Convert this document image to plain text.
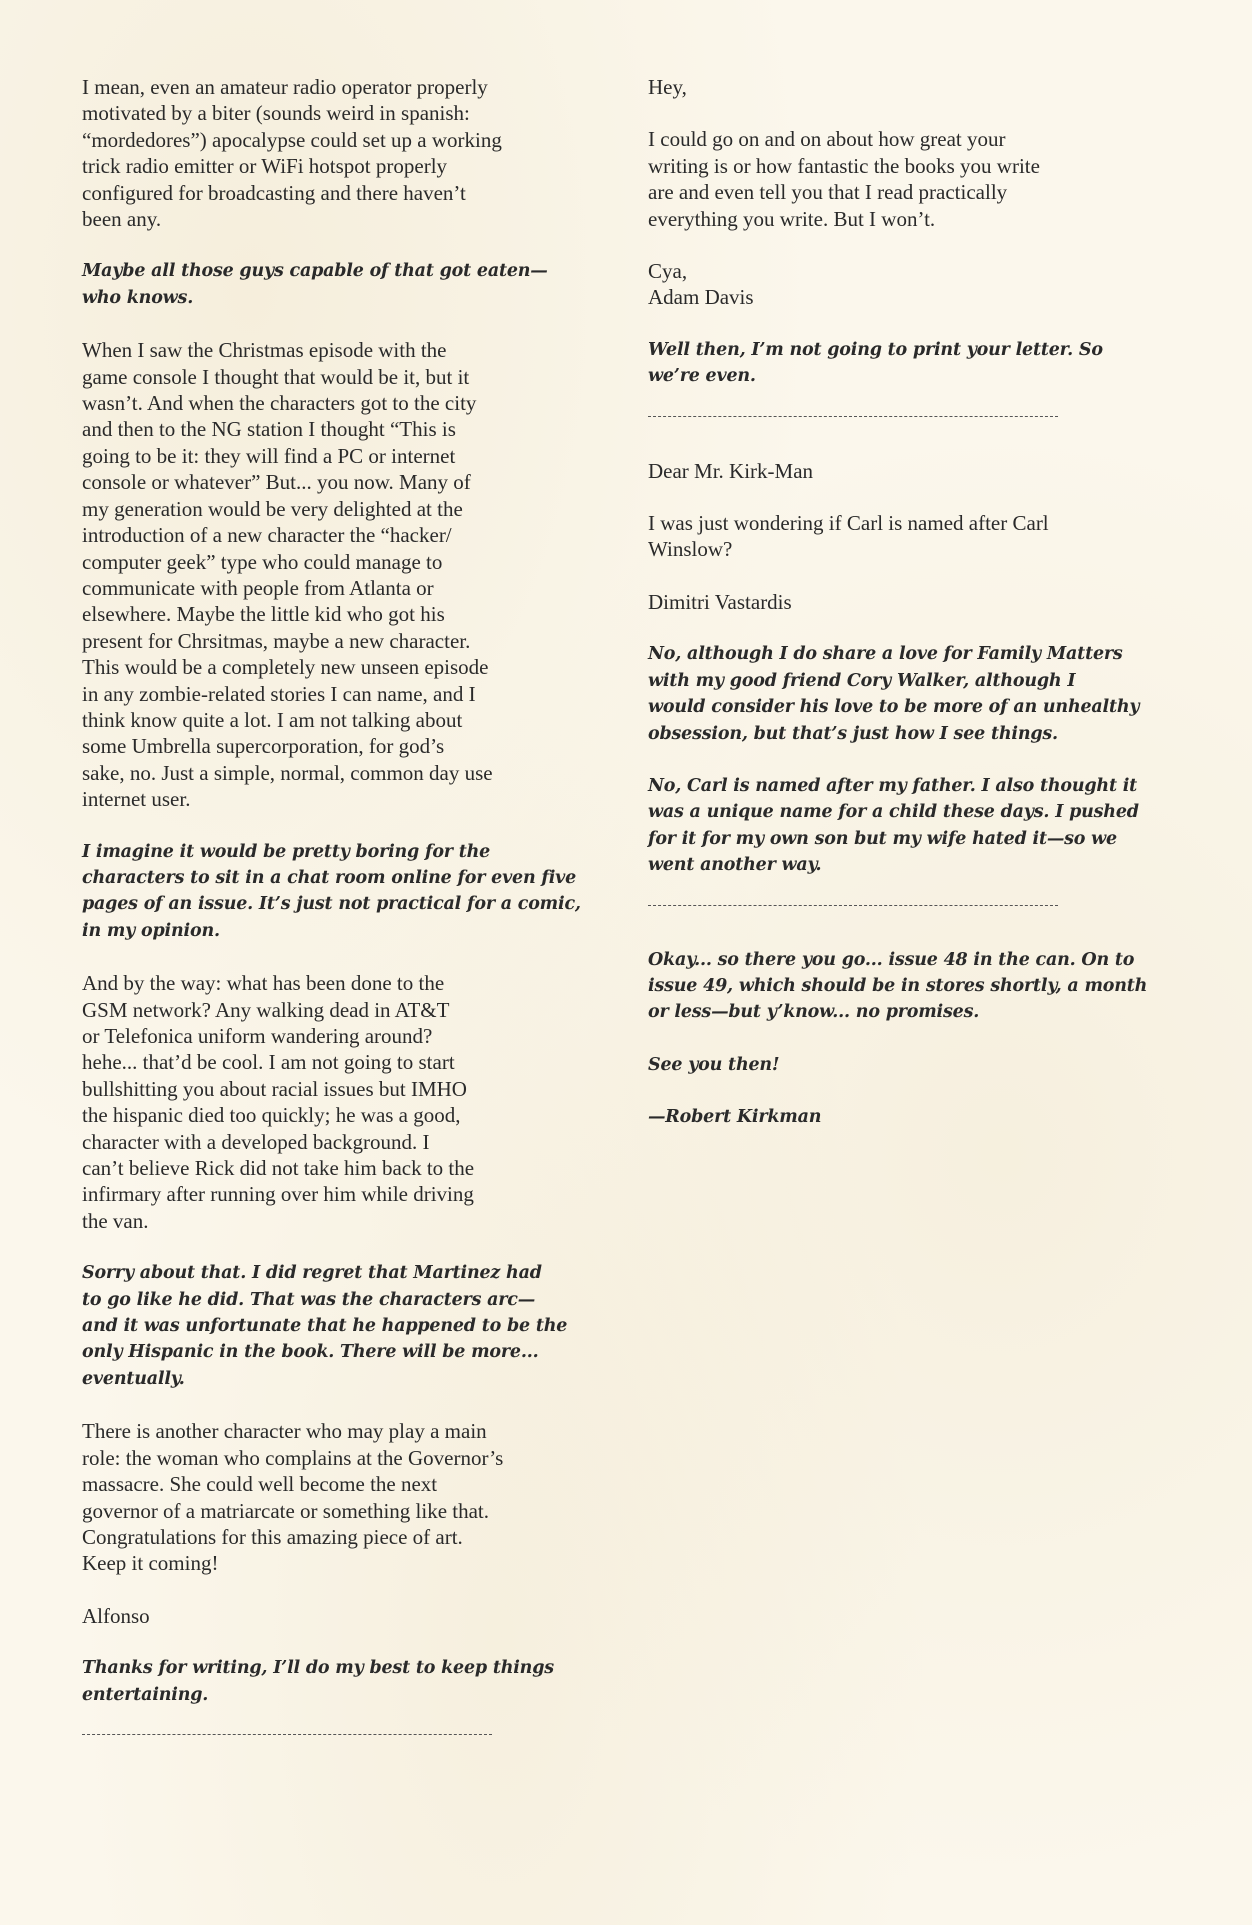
I mean, even an amateur radio operator properly
motivated by a biter (sounds weird in spanish:
“mordedores”) apocalypse could set up a working
trick radio emitter or WiFi hotspot properly
configured for broadcasting and there haven’t
been any.

Maybe all those guys capable of that got eaten—
who knows.

When I saw the Christmas episode with the
game console I thought that would be it, but it
wasn’t. And when the characters got to the city
and then to the NG station I thought “This is
going to be it: they will find a PC or internet
console or whatever” But... you now. Many of
my generation would be very delighted at the
introduction of a new character the “hacker/
computer geek” type who could manage to
communicate with people from Atlanta or
elsewhere. Maybe the little kid who got his
present for Chrsitmas, maybe a new character.
This would be a completely new unseen episode
in any zombie-related stories I can name, and I
think know quite a lot. I am not talking about
some Umbrella supercorporation, for god’s
sake, no. Just a simple, normal, common day use
internet user.

I imagine it would be pretty boring for the
characters to sit in a chat room online for even five
pages of an issue. It’s just not practical for a comic,
in my opinion.

And by the way: what has been done to the
GSM network? Any walking dead in AT&T
or Telefonica uniform wandering around?
hehe... that’d be cool. I am not going to start
bullshitting you about racial issues but IMHO
the hispanic died too quickly; he was a good,
character with a developed background. I
can’t believe Rick did not take him back to the
infirmary after running over him while driving
the van.

Sorry about that. I did regret that Martinez had
to go like he did. That was the characters arc—
and it was unfortunate that he happened to be the
only Hispanic in the book. There will be more...
eventually.

There is another character who may play a main
role: the woman who complains at the Governor’s
massacre. She could well become the next
governor of a matriarcate or something like that.
Congratulations for this amazing piece of art.
Keep it coming!

Alfonso

Thanks for writing, I’ll do my best to keep things
entertaining.

Hey,

I could go on and on about how great your
writing is or how fantastic the books you write
are and even tell you that I read practically
everything you write. But I won’t.

Cya,
Adam Davis

Well then, I’m not going to print your letter. So
we’re even.

Dear Mr. Kirk-Man

I was just wondering if Carl is named after Carl
Winslow?

Dimitri Vastardis

No, although I do share a love for Family Matters
with my good friend Cory Walker, although I
would consider his love to be more of an unhealthy
obsession, but that’s just how I see things.

No, Carl is named after my father. I also thought it
was a unique name for a child these days. I pushed
for it for my own son but my wife hated it—so we
went another way.

Okay... so there you go... issue 48 in the can. On to
issue 49, which should be in stores shortly, a month
or less—but y’know... no promises.

See you then!

—Robert Kirkman
